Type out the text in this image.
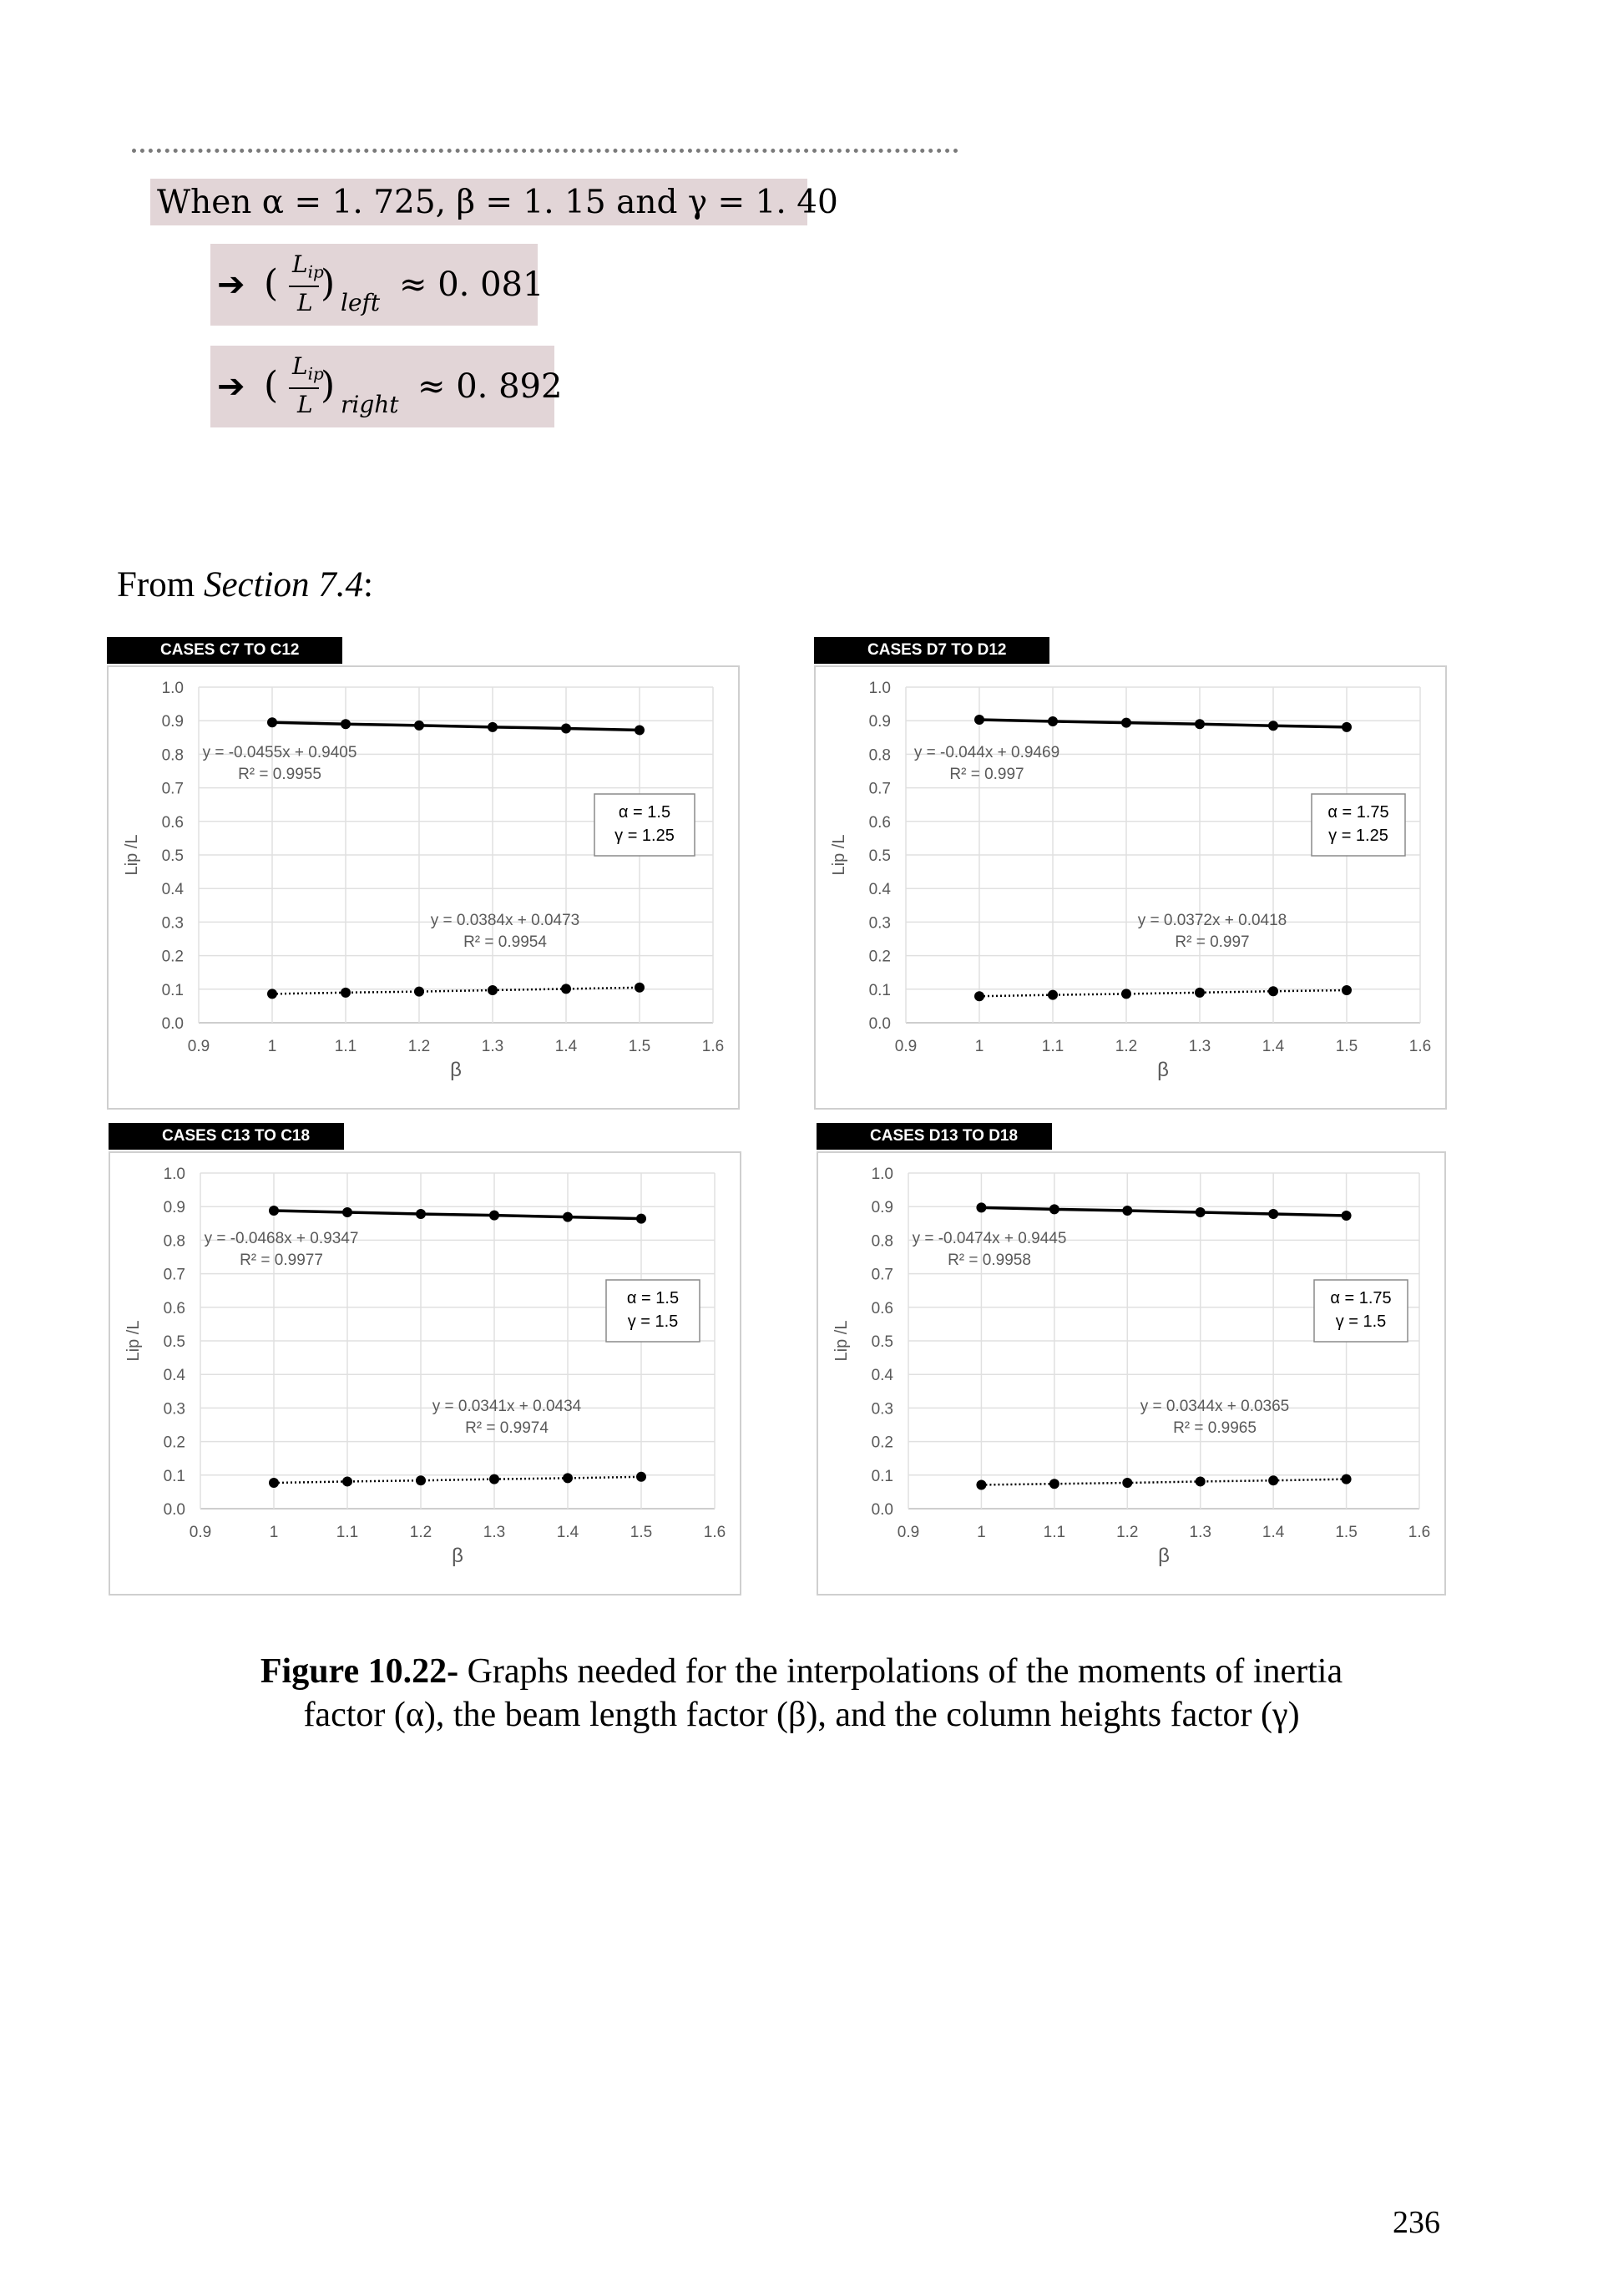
When α = 1. 725, β = 1. 15 and γ = 1. 40
➔ ( $L_{ip}$
L ) left ≈ 0. 081
➔ ( $L_{ip}$
L ) right ≈ 0. 892
From Section 7.4:
0.0
0.1
0.2
0.3
0.4
0.5
0.6
0.7
0.8
0.9
1.0
0.9	1	1.1	1.2	1.3	1.4	1.5	1.6
β
Lip /L
y = -0.0455x + 0.9405
R² = 0.9955
y = 0.0384x + 0.0473
R² = 0.9954
α = 1.5
γ = 1.25
CASES C7 TO C12
0.0
0.1
0.2
0.3
0.4
0.5
0.6
0.7
0.8
0.9
1.0
0.9	1	1.1	1.2	1.3	1.4	1.5	1.6
β
Lip /L
y = -0.044x + 0.9469
R² = 0.997
y = 0.0372x + 0.0418
R² = 0.997
α = 1.75
γ = 1.25
CASES D7 TO D12
0.0
0.1
0.2
0.3
0.4
0.5
0.6
0.7
0.8
0.9
1.0
0.9	1	1.1	1.2	1.3	1.4	1.5	1.6
β
Lip /L
y = -0.0468x + 0.9347
R² = 0.9977
y = 0.0341x + 0.0434
R² = 0.9974
α = 1.5
γ = 1.5
CASES C13 TO C18
0.0
0.1
0.2
0.3
0.4
0.5
0.6
0.7
0.8
0.9
1.0
0.9	1	1.1	1.2	1.3	1.4	1.5	1.6
β
Lip /L
y = -0.0474x + 0.9445
R² = 0.9958
y = 0.0344x + 0.0365
R² = 0.9965
α = 1.75
γ = 1.5
CASES D13 TO D18
Figure 10.22- Graphs needed for the interpolations of the moments of inertia
factor (α), the beam length factor (β), and the column heights factor (γ)
236
